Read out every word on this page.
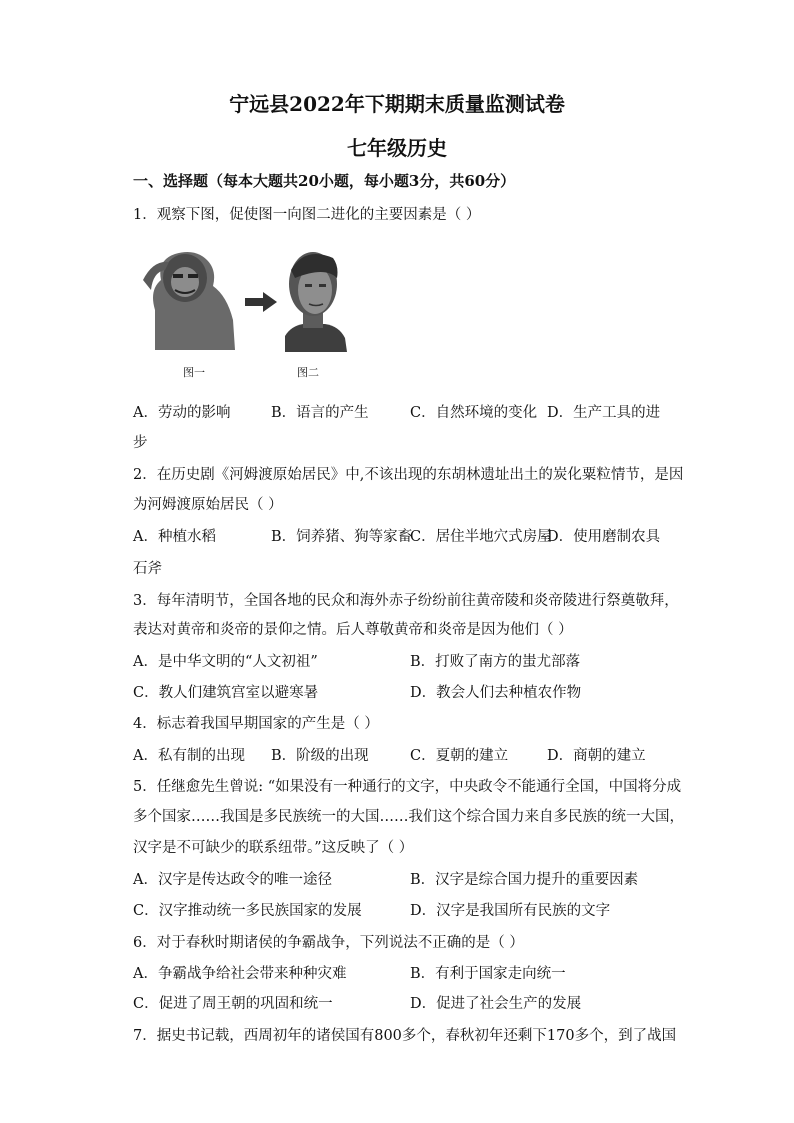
宁远县2022年下期期末质量监测试卷
七年级历史
一、选择题（每本大题共20小题，每小题3分，共60分）
1．观察下图，促使图一向图二进化的主要因素是（ ）
图一	图二
A．劳动的影响	B．语言的产生	C．自然环境的变化 D．生产工具的进
步
2．在历史剧《河姆渡原始居民》中,不该出现的东胡林遗址出土的炭化粟粒情节，是因
为河姆渡原始居民（ ）
A．种植水稻	B．饲养猪、狗等家畜
C．居住半地穴式房屋
D．使用磨制农具
石斧
3．每年清明节，全国各地的民众和海外赤子纷纷前往黄帝陵和炎帝陵进行祭奠敬拜，
表达对黄帝和炎帝的景仰之情。后人尊敬黄帝和炎帝是因为他们（ ）
A．是中华文明的“人文初祖”	B．打败了南方的蚩尤部落
C．教人们建筑宫室以避寒暑	D．教会人们去种植农作物
4．标志着我国早期国家的产生是（ ）
A．私有制的出现 B．阶级的出现	C．夏朝的建立	D．商朝的建立
5．任继愈先生曾说: “如果没有一种通行的文字，中央政令不能通行全国，中国将分成
多个国家……我国是多民族统一的大国……我们这个综合国力来自多民族的统一大国，
汉字是不可缺少的联系纽带。”这反映了（ ）
A．汉字是传达政令的唯一途径	B．汉字是综合国力提升的重要因素
C．汉字推动统一多民族国家的发展	D．汉字是我国所有民族的文字
6．对于春秋时期诸侯的争霸战争，下列说法不正确的是（ ）
A．争霸战争给社会带来种种灾难	B．有利于国家走向统一
C．促进了周王朝的巩固和统一	D．促进了社会生产的发展
7．据史书记载，西周初年的诸侯国有800多个，春秋初年还剩下170多个，到了战国
